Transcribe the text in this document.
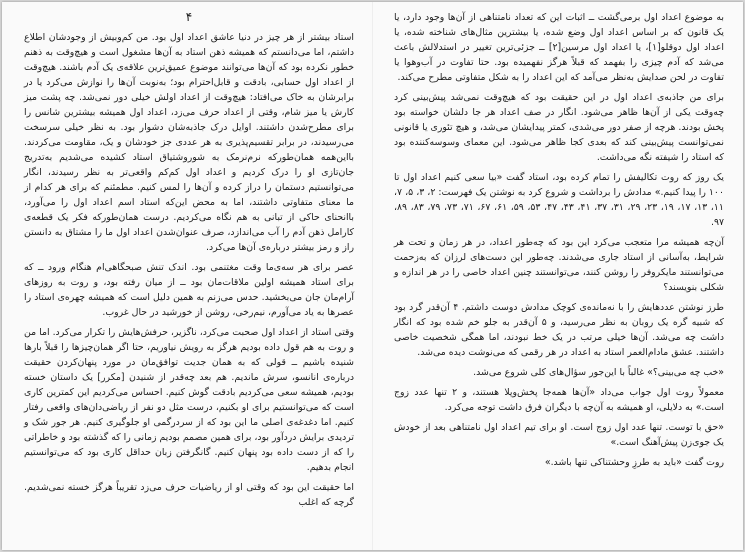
۴

استاد بیشتر از هر چیز در دنیا عاشق اعداد اول بود. من کم‌وبیش از وجودشان اطلاع داشتم، اما می‌دانستم که همیشه ذهن استاد به آن‌ها مشغول است و هیچ‌وقت به ذهنم خطور نکرده بود که آن‌ها می‌توانند موضوع عمیق‌ترین علاقه‌ی یک آدم باشند. هیچ‌وقت از اعداد اول حسابی، بادقت و قابل‌احترام بود؛ به‌نوبت آن‌ها را نوازش می‌کرد یا در برابرشان به خاک می‌افتاد: هیچ‌وقت از اعداد اولش خیلی دور نمی‌شد. چه پشت میز کارش یا میز شام، وقتی از اعداد حرف می‌زد، اعداد اول همیشه بیشترین شانس را برای مطرح‌شدن داشتند. اوایل درک جاذبه‌شان دشوار بود. به نظر خیلی سرسخت می‌رسیدند، در برابر تقسیم‌پذیری به هر عددی جز خودشان و یک، مقاومت می‌کردند. بااین‌همه همان‌طورکه نرم‌نرمک به شوروشتیاق استاد کشیده می‌شدیم به‌تدریج جان‌تازی او را درک کردیم و اعداد اول کم‌کم واقعی‌تر به نظر رسیدند، انگار می‌توانستیم دستمان را دراز کرده و آن‌ها را لمس کنیم. مطمئنم که برای هر کدام از ما معنای متفاوتی داشتند، اما به محض این‌که استاد اسم اعداد اول را می‌آورد، باانحنای حاکی از تبانی به هم نگاه می‌کردیم. درست همان‌طورکه فکر یک قطعه‌ی کارامل ذهن آدم را آب می‌اندازد، صرف عنوان‌شدن اعداد اول ما را مشتاق به دانستن راز و رمز بیشتر درباره‌ی آن‌ها می‌کرد.

عصر برای هر سه‌ی‌ما وقت مغتنمی بود. اندک تنش صبحگاهی‌ام هنگام ورود ــ که برای استاد همیشه اولین ملاقات‌مان بود ــ از میان رفته بود، و روت به روزهای آرام‌مان جان می‌بخشید. حدس می‌زنم به همین دلیل است که همیشه چهره‌ی استاد را عصرها به یاد می‌آورم، نیم‌رخی، روشن از خورشید در حال غروب.

وقتی استاد از اعداد اول صحبت می‌کرد، ناگزیر، حرفش‌هایش را تکرار می‌کرد. اما من و روت به هم قول داده بودیم هرگز به رویش نیاوریم، حتا اگر همان‌چیزها را قبلاً بارها شنیده باشیم ــ قولی که به همان جدیت توافق‌مان در مورد پنهان‌کردن حقیقت درباره‌ی انانسو، سرش ماندیم. هم بعد چه‌قدر از شنیدن [مکرر] یک داستان خسته بودیم، همیشه سعی می‌کردیم بادقت گوش کنیم. احساس می‌کردیم این کمترین کاری است که می‌توانستیم برای او بکنیم، درست مثل دو نفر از ریاضی‌دان‌های واقعی رفتار کنیم. اما دغدغه‌ی اصلی ما این بود که از سردرگمی او جلوگیری کنیم. هر جور شک و تردیدی برایش دردآور بود، برای همین مصمم بودیم زمانی را که گذشته بود و خاطراتی را که از دست داده بود پنهان کنیم. گانگرفتن زبان حداقل کاری بود که می‌توانستیم انجام بدهیم.

اما حقیقت این بود که وقتی او از ریاضیات حرف می‌زد تقریباً هرگز خسته نمی‌شدیم. گرچه که اغلب

به موضوع اعداد اول برمی‌گشت ــ اثبات این که تعداد نامتناهی از آن‌ها وجود دارد، یا یک قانون که بر اساس اعداد اول وضع شده، یا بیشترین مثال‌های شناخته شده، یا اعداد اول دوقلو[١]، یا اعداد اول مرسین[٢] ــ جزئی‌ترین تغییر در استدلالش باعث می‌شد که آدم چیزی را بفهمد که قبلاً هرگز نفهمیده بود. حتا تفاوت در آب‌وهوا یا تفاوت در لحن صدایش به‌نظر می‌آمد که این اعداد را به شکل متفاوتی مطرح می‌کند.

برای من جاذبه‌ی اعداد اول در این حقیقت بود که هیچ‌وقت نمی‌شد پیش‌بینی کرد چه‌وقت یکی از آن‌ها ظاهر می‌شود. انگار در صف اعداد هر جا دلشان خواسته بود پخش بودند. هرچه از صفر دور می‌شدی، کمتر پیدایشان می‌شد، و هیچ تئوری یا قانونی نمی‌توانست پیش‌بینی کند که بعدی کجا ظاهر می‌شود. این معمای وسوسه‌کننده بود که استاد را شیفته نگه می‌داشت.

یک روز که روت تکالیفش را تمام کرده بود، استاد گفت «بیا سعی کنیم اعداد اول تا ۱۰۰ را پیدا کنیم.» مدادش را برداشت و شروع کرد به نوشتن یک فهرست: ۲، ۳، ۵، ۷، ۱۱، ۱۳، ۱۷، ۱۹، ۲۳، ۲۹، ۳۱، ۳۷، ۴۱، ۴۳، ۴۷، ۵۳، ۵۹، ۶۱، ۶۷، ۷۱، ۷۳، ۷۹، ۸۳، ۸۹، ۹۷.

آن‌چه همیشه مرا متعجب می‌کرد این بود که چه‌طور اعداد، در هر زمان و تحت هر شرایط، به‌آسانی از استاد جاری می‌شدند. چه‌طور این دست‌های لرزان که به‌زحمت می‌توانستند مایکروفر را روشن کنند، می‌توانستند چنین اعداد خاصی را در هر اندازه و شکلی بنویسند؟

طرز نوشتن عددهایش را با نه‌مانده‌ی کوچک مدادش دوست داشتم. ۴ آن‌قدر گرد بود که شبیه گره یک روبان به نظر می‌رسید، و ۵ آن‌قدر به جلو خم شده بود که انگار داشت چه می‌شد. آن‌ها خیلی مرتب در یک خط نبودند، اما همگی شخصیت خاصی داشتند. عشق مادام‌العمر استاد به اعداد در هر رقمی که می‌نوشت دیده می‌شد.

«خب چه می‌بینی؟» غالباً با این‌جور سؤال‌های کلی شروع می‌شد.

معمولاً روت اول جواب می‌داد «آن‌ها همه‌جا پخش‌وپلا هستند، و ۲ تنها عدد زوج است.» به دلایلی، او همیشه به آن‌چه با دیگران فرق داشت توجه می‌کرد.

«حق با توست. تنها عدد اول زوج است. او برای تیم اعداد اول نامتناهی بعد از خودش یک جوی‌زن پیش‌آهنگ است.»

روت گفت «باید به طرزِ وحشتناکی تنها باشد.»
